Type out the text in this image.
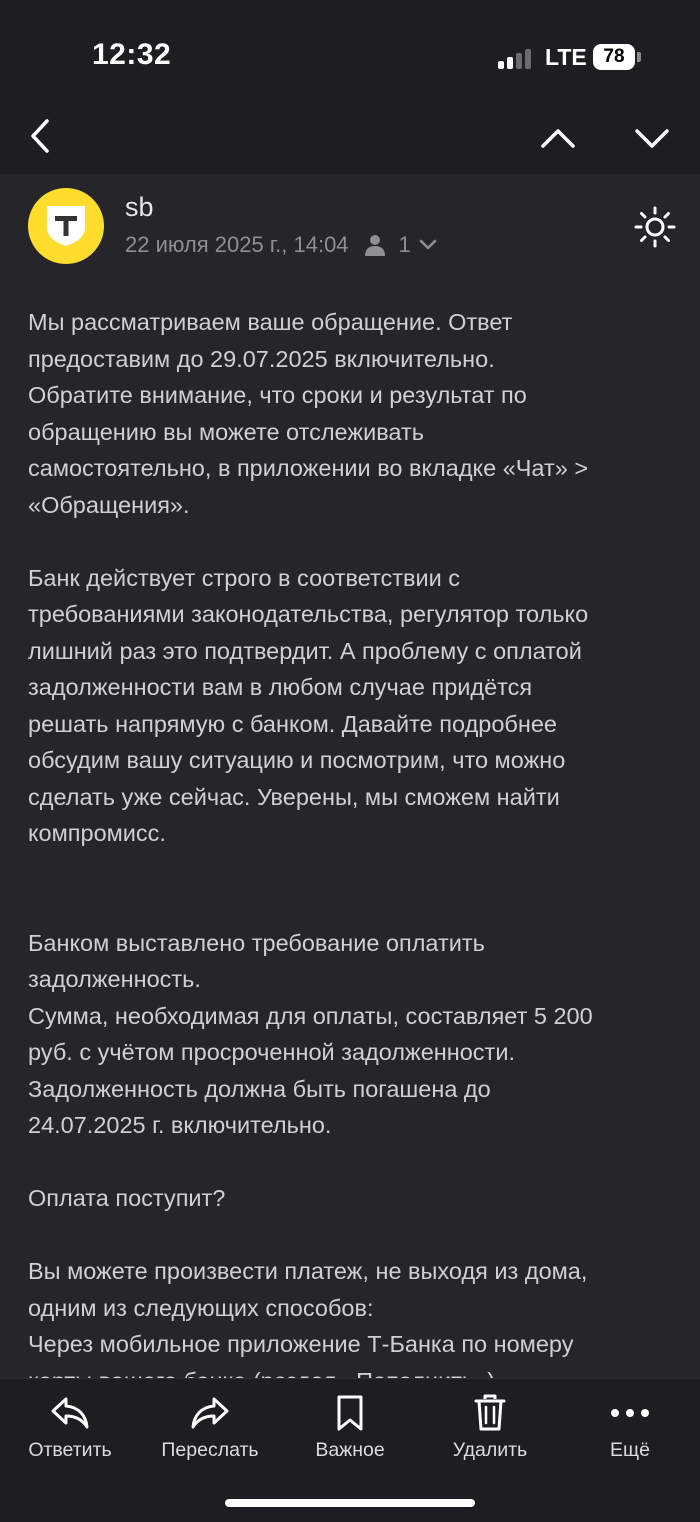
12:32	LTE 78
sb
22 июля 2025 г., 14:04 1

Мы рассматриваем ваше обращение. Ответ
предоставим до 29.07.2025 включительно.
Обратите внимание, что сроки и результат по
обращению вы можете отслеживать
самостоятельно, в приложении во вкладке «Чат» >
«Обращения».

Банк действует строго в соответствии с
требованиями законодательства, регулятор только
лишний раз это подтвердит. А проблему с оплатой
задолженности вам в любом случае придётся
решать напрямую с банком. Давайте подробнее
обсудим вашу ситуацию и посмотрим, что можно
сделать уже сейчас. Уверены, мы сможем найти
компромисс.

Банком выставлено требование оплатить
задолженность.
Сумма, необходимая для оплаты, составляет 5 200
руб. с учётом просроченной задолженности.
Задолженность должна быть погашена до
24.07.2025 г. включительно.

Оплата поступит?

Вы можете произвести платеж, не выходя из дома,
одним из следующих способов:
Через мобильное приложение Т-Банка по номеру

Ответить	Переслать	Важное	Удалить	Ещё
